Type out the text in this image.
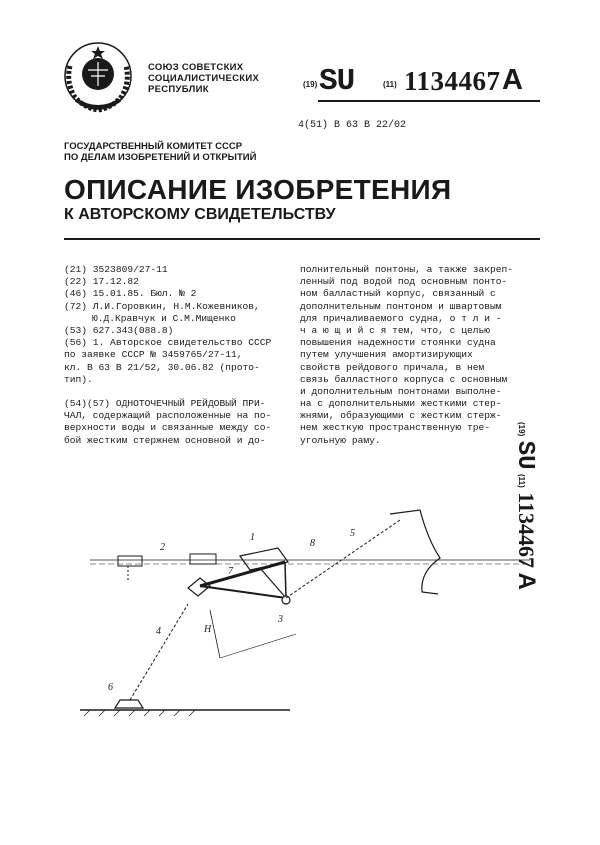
СОЮЗ СОВЕТСКИХ
СОЦИАЛИСТИЧЕСКИХ
РЕСПУБЛИК	(19) SU	(11) 1134467 A
4(51) B 63 B 22/02
ГОСУДАРСТВЕННЫЙ КОМИТЕТ СССР
ПО ДЕЛАМ ИЗОБРЕТЕНИЙ И ОТКРЫТИЙ
ОПИСАНИЕ ИЗОБРЕТЕНИЯ
К АВТОРСКОМУ СВИДЕТЕЛЬСТВУ
(21) 3523809/27-11
(22) 17.12.82
(46) 15.01.85. Бюл. № 2
(72) Л.И.Горовкин, Н.М.Кожевников,
Ю.Д.Кравчук и С.М.Мищенко
(53) 627.343(088.8)
(56) 1. Авторское свидетельство СССР
по заявке СССР № 3459765/27-11,
кл. В 63 В 21/52, 30.06.82 (прото-
тип).
(54)(57) ОДНОТОЧЕЧНЫЙ РЕЙДОВЫЙ ПРИ-
ЧАЛ, содержащий расположенные на по-
верхности воды и связанные между со-
бой жестким стержнем основной и до-
полнительный понтоны, а также закреп-
ленный под водой под основным понто-
ном балластный корпус, связанный с
дополнительным понтоном и швартовым
для причаливаемого судна, о т л и -
ч а ю щ и й с я тем, что, с целью
повышения надежности стоянки судна
путем улучшения амортизирующих
свойств рейдового причала, в нем
связь балластного корпуса с основным
и дополнительным понтонами выполне-
на с дополнительными жесткими стер-
жнями, образующими с жестким стерж-
нем жесткую пространственную тре-
угольную раму.
(19) SU (11) 1134467 A
1
2
3
4
5
6
7
8
H
